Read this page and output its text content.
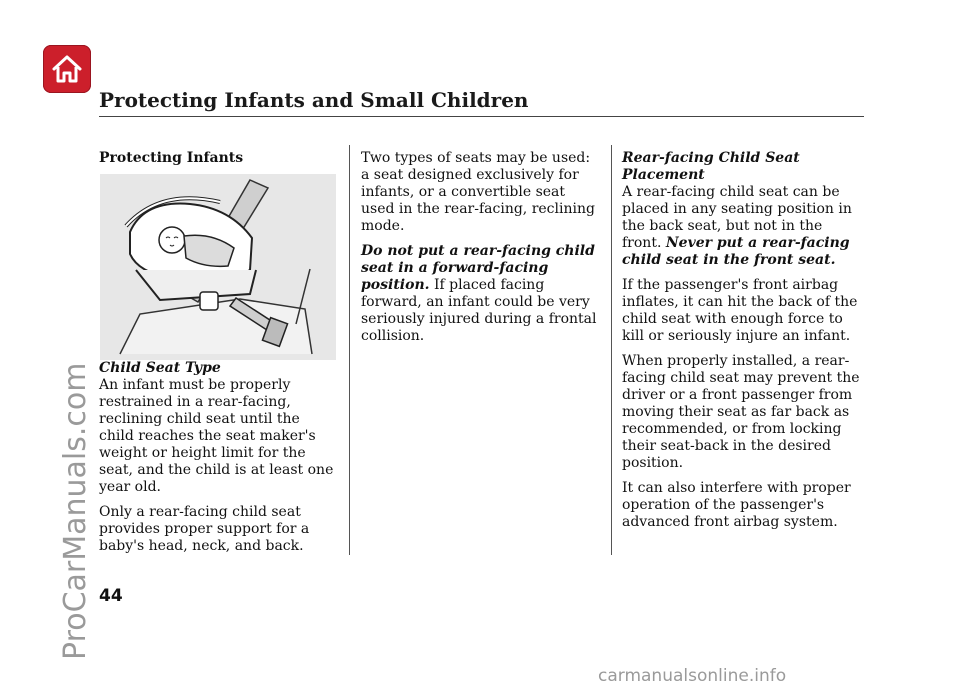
Protecting Infants and Small Children
ProCarManuals.com
Protecting Infants
Child Seat Type

An infant must be properly restrained in a rear-facing, reclining child seat until the child reaches the seat maker's weight or height limit for the seat, and the child is at least one year old.

Only a rear-facing child seat provides proper support for a baby's head, neck, and back.

Two types of seats may be used: a seat designed exclusively for infants, or a convertible seat used in the rear-facing, reclining mode.

Do not put a rear-facing child seat in a forward-facing position. If placed facing forward, an infant could be very seriously injured during a frontal collision.

Rear-facing Child Seat Placement

A rear-facing child seat can be placed in any seating position in the back seat, but not in the front. Never put a rear-facing child seat in the front seat.

If the passenger's front airbag inflates, it can hit the back of the child seat with enough force to kill or seriously injure an infant.

When properly installed, a rear-facing child seat may prevent the driver or a front passenger from moving their seat as far back as recommended, or from locking their seat-back in the desired position.

It can also interfere with proper operation of the passenger's advanced front airbag system.

44
carmanualsonline.info
